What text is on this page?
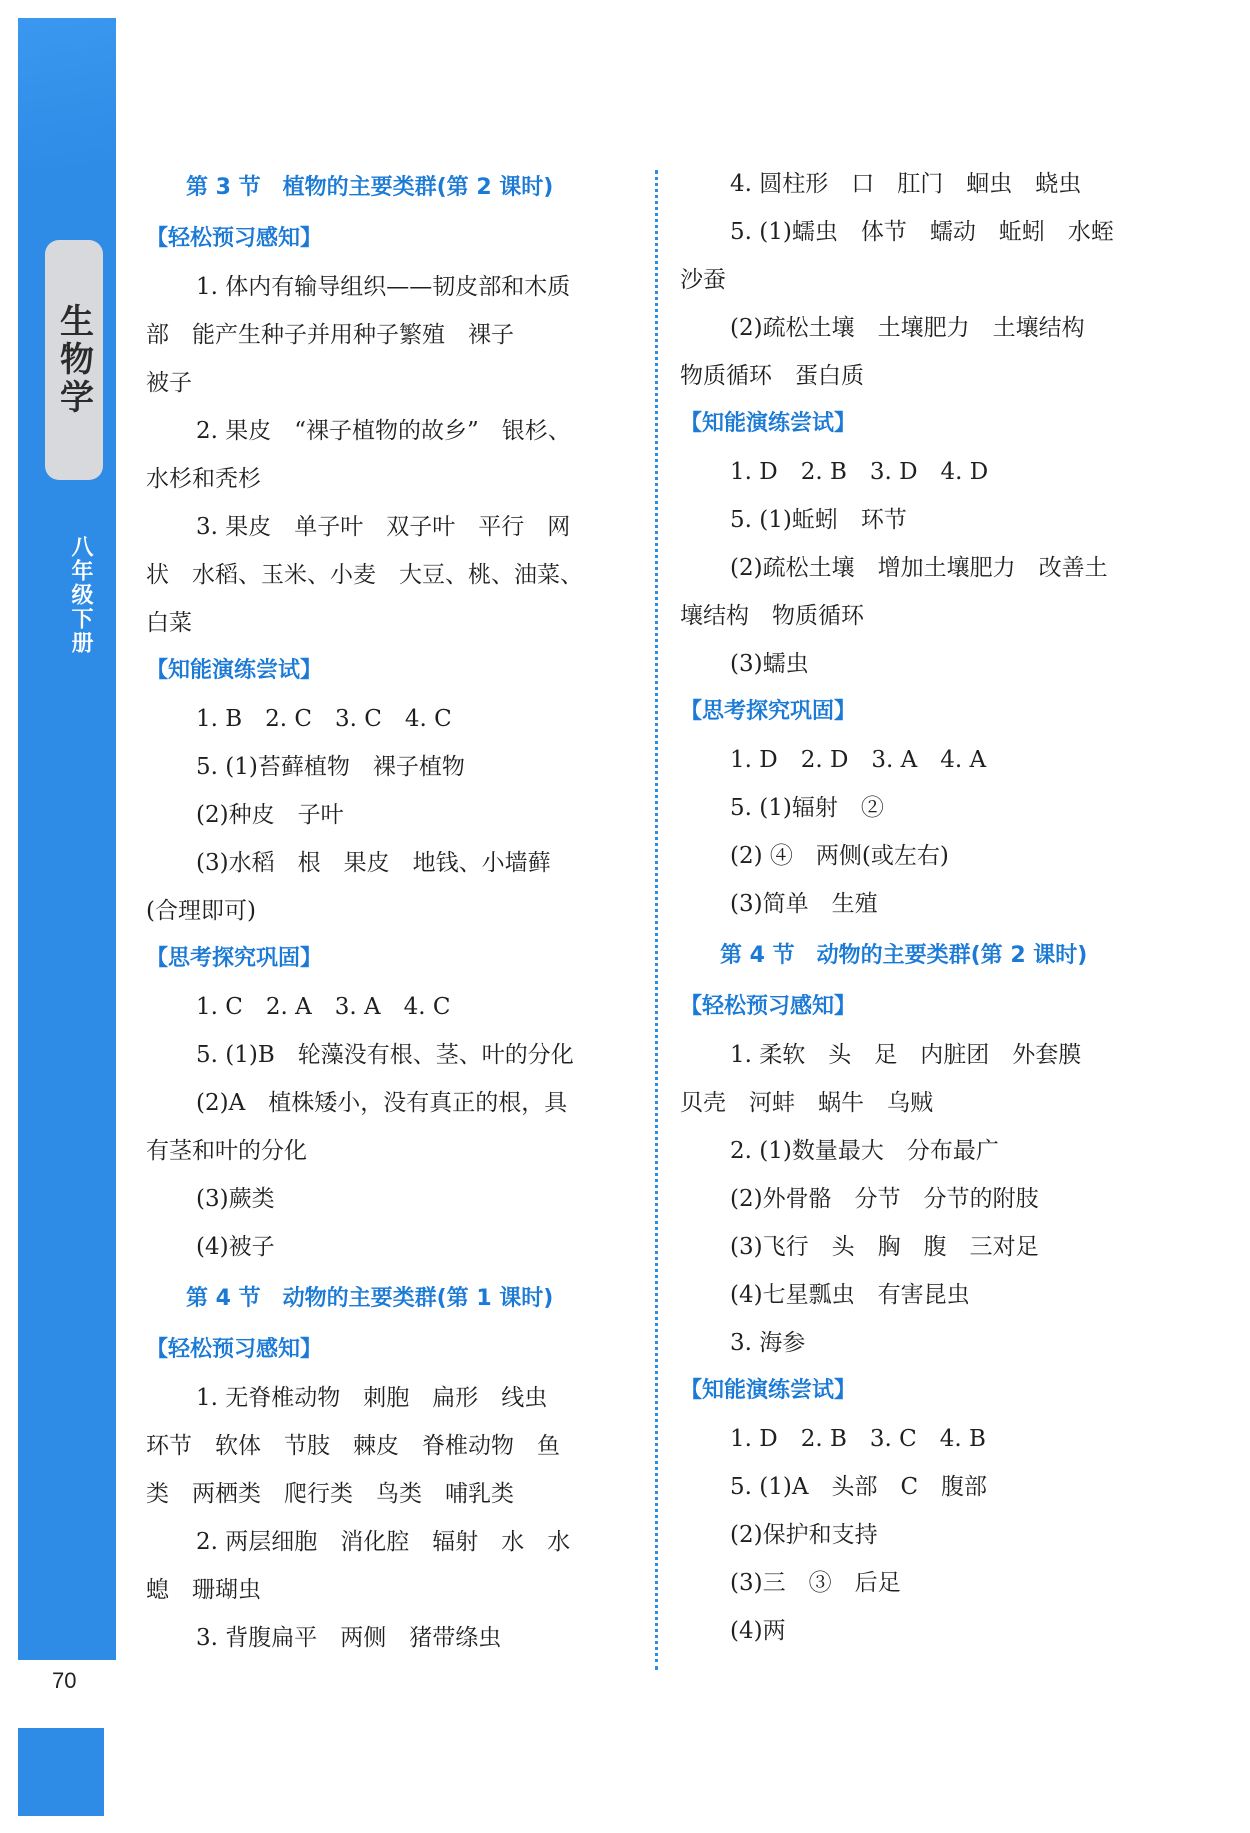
生物学
八年级下册
70
第 3 节　植物的主要类群(第 2 课时)
【轻松预习感知】
1. 体内有输导组织——韧皮部和木质
部　能产生种子并用种子繁殖　裸子
被子
2. 果皮　“裸子植物的故乡”　银杉、
水杉和秃杉
3. 果皮　单子叶　双子叶　平行　网
状　水稻、玉米、小麦　大豆、桃、油菜、
白菜
【知能演练尝试】
1. B　2. C　3. C　4. C
5. (1)苔藓植物　裸子植物
(2)种皮　子叶
(3)水稻　根　果皮　地钱、小墙藓
(合理即可)
【思考探究巩固】
1. C　2. A　3. A　4. C
5. (1)B　轮藻没有根、茎、叶的分化
(2)A　植株矮小，没有真正的根，具
有茎和叶的分化
(3)蕨类
(4)被子
第 4 节　动物的主要类群(第 1 课时)
【轻松预习感知】
1. 无脊椎动物　刺胞　扁形　线虫
环节　软体　节肢　棘皮　脊椎动物　鱼
类　两栖类　爬行类　鸟类　哺乳类
2. 两层细胞　消化腔　辐射　水　水
螅　珊瑚虫
3. 背腹扁平　两侧　猪带绦虫
4. 圆柱形　口　肛门　蛔虫　蛲虫
5. (1)蠕虫　体节　蠕动　蚯蚓　水蛭
沙蚕
(2)疏松土壤　土壤肥力　土壤结构
物质循环　蛋白质
【知能演练尝试】
1. D　2. B　3. D　4. D
5. (1)蚯蚓　环节
(2)疏松土壤　增加土壤肥力　改善土
壤结构　物质循环
(3)蠕虫
【思考探究巩固】
1. D　2. D　3. A　4. A
5. (1)辐射　②
(2) ④　两侧(或左右)
(3)简单　生殖
第 4 节　动物的主要类群(第 2 课时)
【轻松预习感知】
1. 柔软　头　足　内脏团　外套膜
贝壳　河蚌　蜗牛　乌贼
2. (1)数量最大　分布最广
(2)外骨骼　分节　分节的附肢
(3)飞行　头　胸　腹　三对足
(4)七星瓢虫　有害昆虫
3. 海参
【知能演练尝试】
1. D　2. B　3. C　4. B
5. (1)A　头部　C　腹部
(2)保护和支持
(3)三　③　后足
(4)两
